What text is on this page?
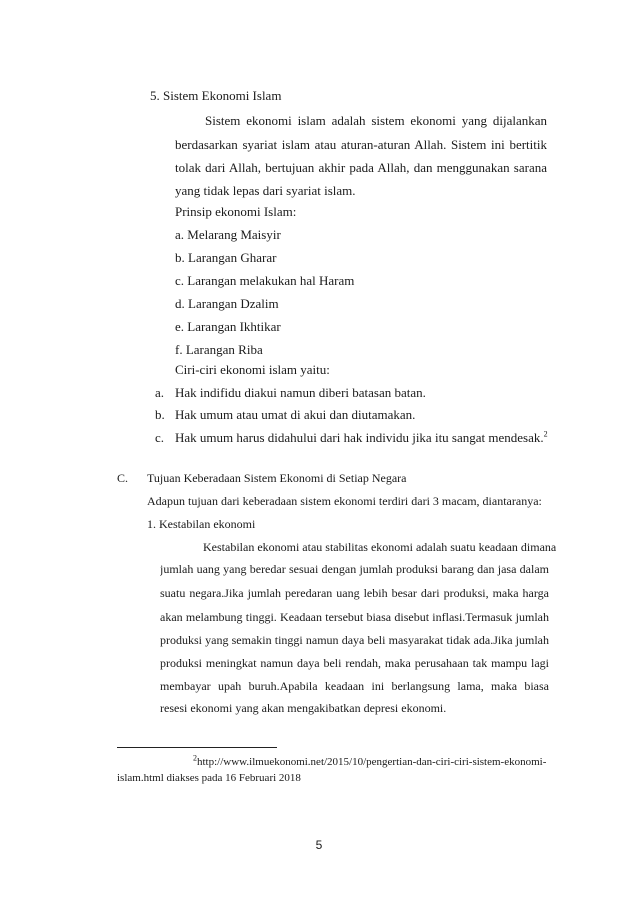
5. Sistem Ekonomi Islam
Sistem ekonomi islam adalah sistem ekonomi yang dijalankan
berdasarkan syariat islam atau aturan-aturan Allah. Sistem ini bertitik
tolak dari Allah, bertujuan akhir pada Allah, dan menggunakan sarana
yang tidak lepas dari syariat islam.
Prinsip ekonomi Islam:
a. Melarang Maisyir
b. Larangan Gharar
c. Larangan melakukan hal Haram
d. Larangan Dzalim
e. Larangan Ikhtikar
f. Larangan Riba
Ciri-ciri ekonomi islam yaitu:
a. Hak indifidu diakui namun diberi batasan batan.
b. Hak umum atau umat di akui dan diutamakan.
c. Hak umum harus didahului dari hak individu jika itu sangat mendesak.$^2$
C. Tujuan Keberadaan Sistem Ekonomi di Setiap Negara
Adapun tujuan dari keberadaan sistem ekonomi terdiri dari 3 macam, diantaranya:
1. Kestabilan ekonomi
Kestabilan ekonomi atau stabilitas ekonomi adalah suatu keadaan dimana
jumlah uang yang beredar sesuai dengan jumlah produksi barang dan jasa dalam
suatu negara.Jika jumlah peredaran uang lebih besar dari produksi, maka harga
akan melambung tinggi. Keadaan tersebut biasa disebut inflasi.Termasuk jumlah
produksi yang semakin tinggi namun daya beli masyarakat tidak ada.Jika jumlah
produksi meningkat namun daya beli rendah, maka perusahaan tak mampu lagi
membayar upah buruh.Apabila keadaan ini berlangsung lama, maka biasa
resesi ekonomi yang akan mengakibatkan depresi ekonomi.
$^2$http://www.ilmuekonomi.net/2015/10/pengertian-dan-ciri-ciri-sistem-ekonomi-
islam.html diakses pada 16 Februari 2018
5
